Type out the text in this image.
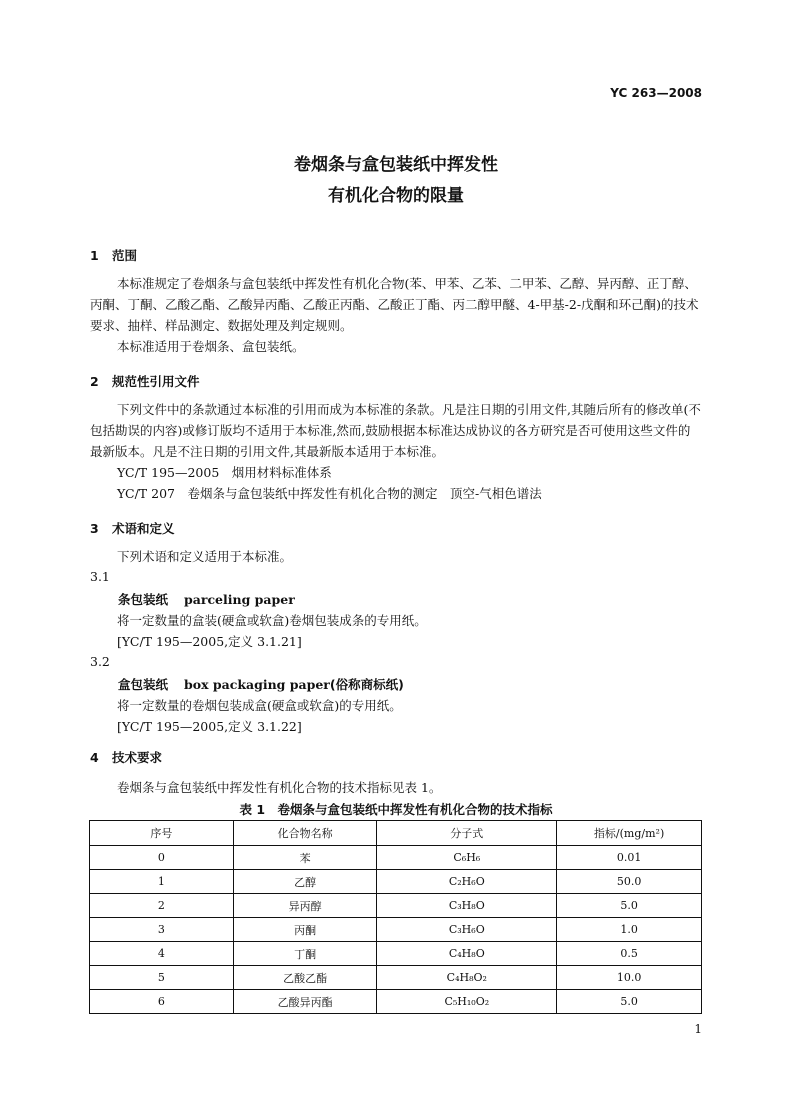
YC 263—2008
卷烟条与盒包装纸中挥发性
有机化合物的限量
1 范围
本标准规定了卷烟条与盒包装纸中挥发性有机化合物(苯、甲苯、乙苯、二甲苯、乙醇、异丙醇、正丁醇、丙酮、丁酮、乙酸乙酯、乙酸异丙酯、乙酸正丙酯、乙酸正丁酯、丙二醇甲醚、4-甲基-2-戊酮和环己酮)的技术要求、抽样、样品测定、数据处理及判定规则。
本标准适用于卷烟条、盒包装纸。
2 规范性引用文件
下列文件中的条款通过本标准的引用而成为本标准的条款。凡是注日期的引用文件,其随后所有的修改单(不包括勘误的内容)或修订版均不适用于本标准,然而,鼓励根据本标准达成协议的各方研究是否可使用这些文件的最新版本。凡是不注日期的引用文件,其最新版本适用于本标准。
YC/T 195—2005　烟用材料标准体系
YC/T 207　卷烟条与盒包装纸中挥发性有机化合物的测定　顶空-气相色谱法
3 术语和定义
下列术语和定义适用于本标准。
3.1
条包装纸 parceling paper
将一定数量的盒装(硬盒或软盒)卷烟包装成条的专用纸。
[YC/T 195—2005,定义 3.1.21]
3.2
盒包装纸 box packaging paper(俗称商标纸)
将一定数量的卷烟包装成盒(硬盒或软盒)的专用纸。
[YC/T 195—2005,定义 3.1.22]
4 技术要求
卷烟条与盒包装纸中挥发性有机化合物的技术指标见表 1。
表 1　卷烟条与盒包装纸中挥发性有机化合物的技术指标
序号	化合物名称	分子式	指标/(mg/m²)
0	苯	C₆H₆	0.01
1	乙醇	C₂H₆O	50.0
2	异丙醇	C₃H₈O	5.0
3	丙酮	C₃H₆O	1.0
4	丁酮	C₄H₈O	0.5
5	乙酸乙酯	C₄H₈O₂	10.0
6	乙酸异丙酯	C₅H₁₀O₂	5.0
1
